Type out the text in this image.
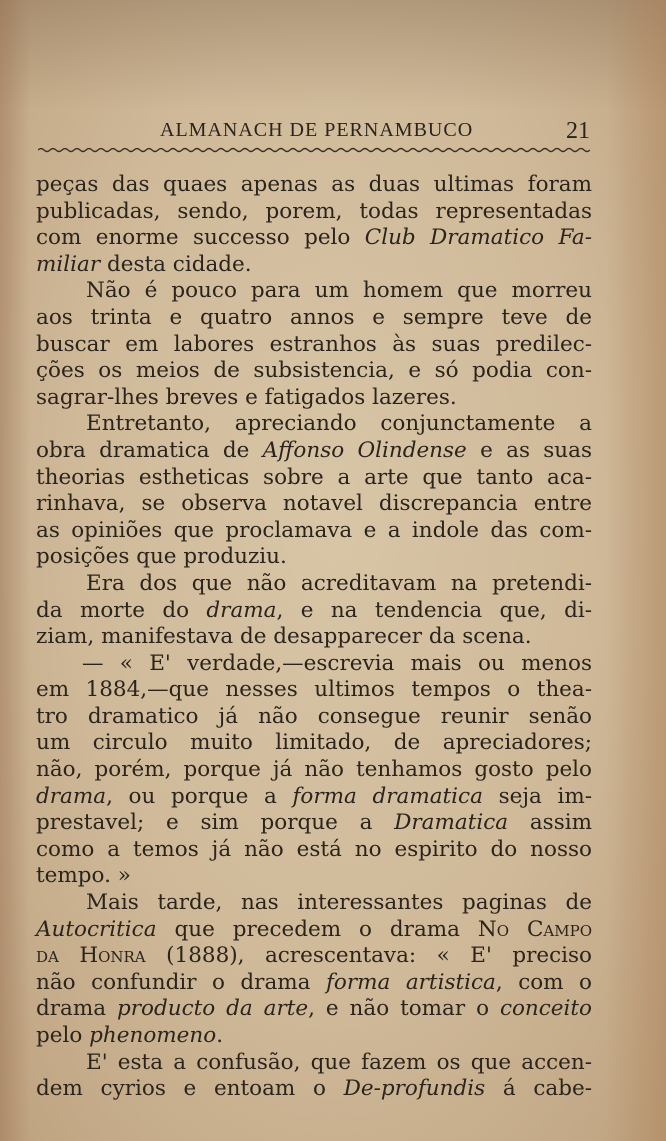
ALMANACH DE PERNAMBUCO	21
peças das quaes apenas as duas ultimas foram
publicadas, sendo, porem, todas representadas
com enorme successo pelo Club Dramatico Fa-
miliar desta cidade.
Não é pouco para um homem que morreu
aos trinta e quatro annos e sempre teve de
buscar em labores estranhos às suas predilec-
ções os meios de subsistencia, e só podia con-
sagrar-lhes breves e fatigados lazeres.
Entretanto, apreciando conjunctamente a
obra dramatica de Affonso Olindense e as suas
theorias estheticas sobre a arte que tanto aca-
rinhava, se observa notavel discrepancia entre
as opiniões que proclamava e a indole das com-
posições que produziu.
Era dos que não acreditavam na pretendi-
da morte do drama, e na tendencia que, di-
ziam, manifestava de desapparecer da scena.
— « E' verdade,—escrevia mais ou menos
em 1884,—que nesses ultimos tempos o thea-
tro dramatico já não consegue reunir senão
um circulo muito limitado, de apreciadores;
não, porém, porque já não tenhamos gosto pelo
drama, ou porque a forma dramatica seja im-
prestavel; e sim porque a Dramatica assim
como a temos já não está no espirito do nosso
tempo. »
Mais tarde, nas interessantes paginas de
Autocritica que precedem o drama No Campo
da Honra (1888), acrescentava: « E' preciso
não confundir o drama forma artistica, com o
drama producto da arte, e não tomar o conceito
pelo phenomeno.
E' esta a confusão, que fazem os que accen-
dem cyrios e entoam o De-profundis á cabe-
